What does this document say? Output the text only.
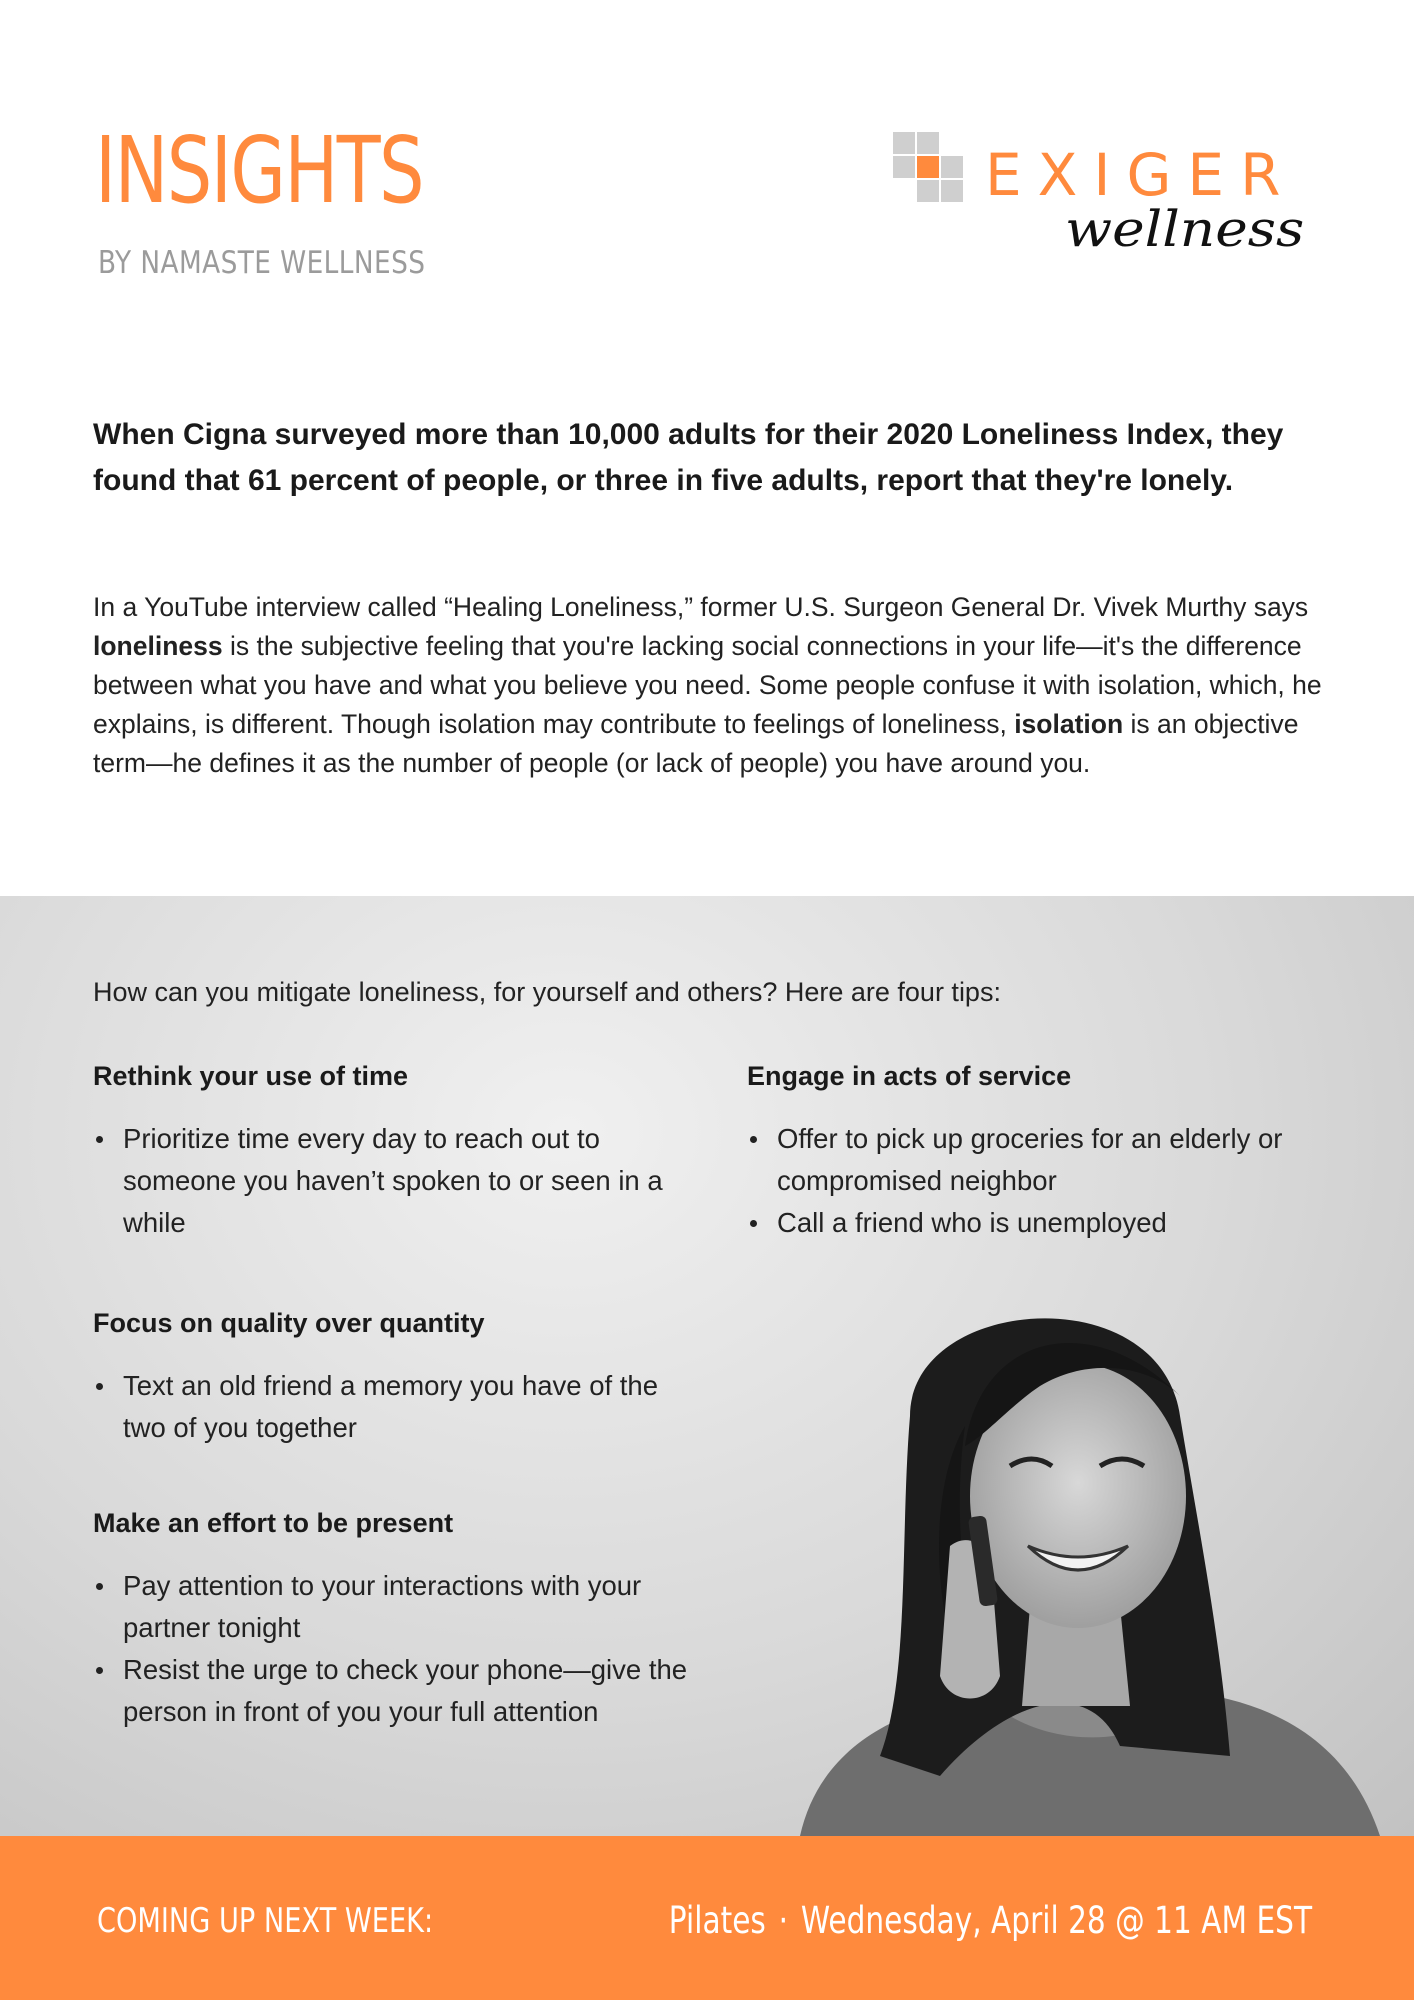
INSIGHTS
BY NAMASTE WELLNESS
EXIGER
wellness

When Cigna surveyed more than 10,000 adults for their 2020 Loneliness Index, they found that 61 percent of people, or three in five adults, report that they're lonely.

In a YouTube interview called “Healing Loneliness,” former U.S. Surgeon General Dr. Vivek Murthy says loneliness is the subjective feeling that you're lacking social connections in your life—it's the difference between what you have and what you believe you need. Some people confuse it with isolation, which, he explains, is different. Though isolation may contribute to feelings of loneliness, isolation is an objective term—he defines it as the number of people (or lack of people) you have around you.

How can you mitigate loneliness, for yourself and others? Here are four tips:

Rethink your use of time
Prioritize time every day to reach out to someone you haven’t spoken to or seen in a while
Engage in acts of service
Offer to pick up groceries for an elderly or compromised neighbor
Call a friend who is unemployed
Focus on quality over quantity
Text an old friend a memory you have of the two of you together
Make an effort to be present
Pay attention to your interactions with your partner tonight
Resist the urge to check your phone—give the person in front of you your full attention
COMING UP NEXT WEEK:	Pilates · Wednesday, April 28 @ 11 AM EST
